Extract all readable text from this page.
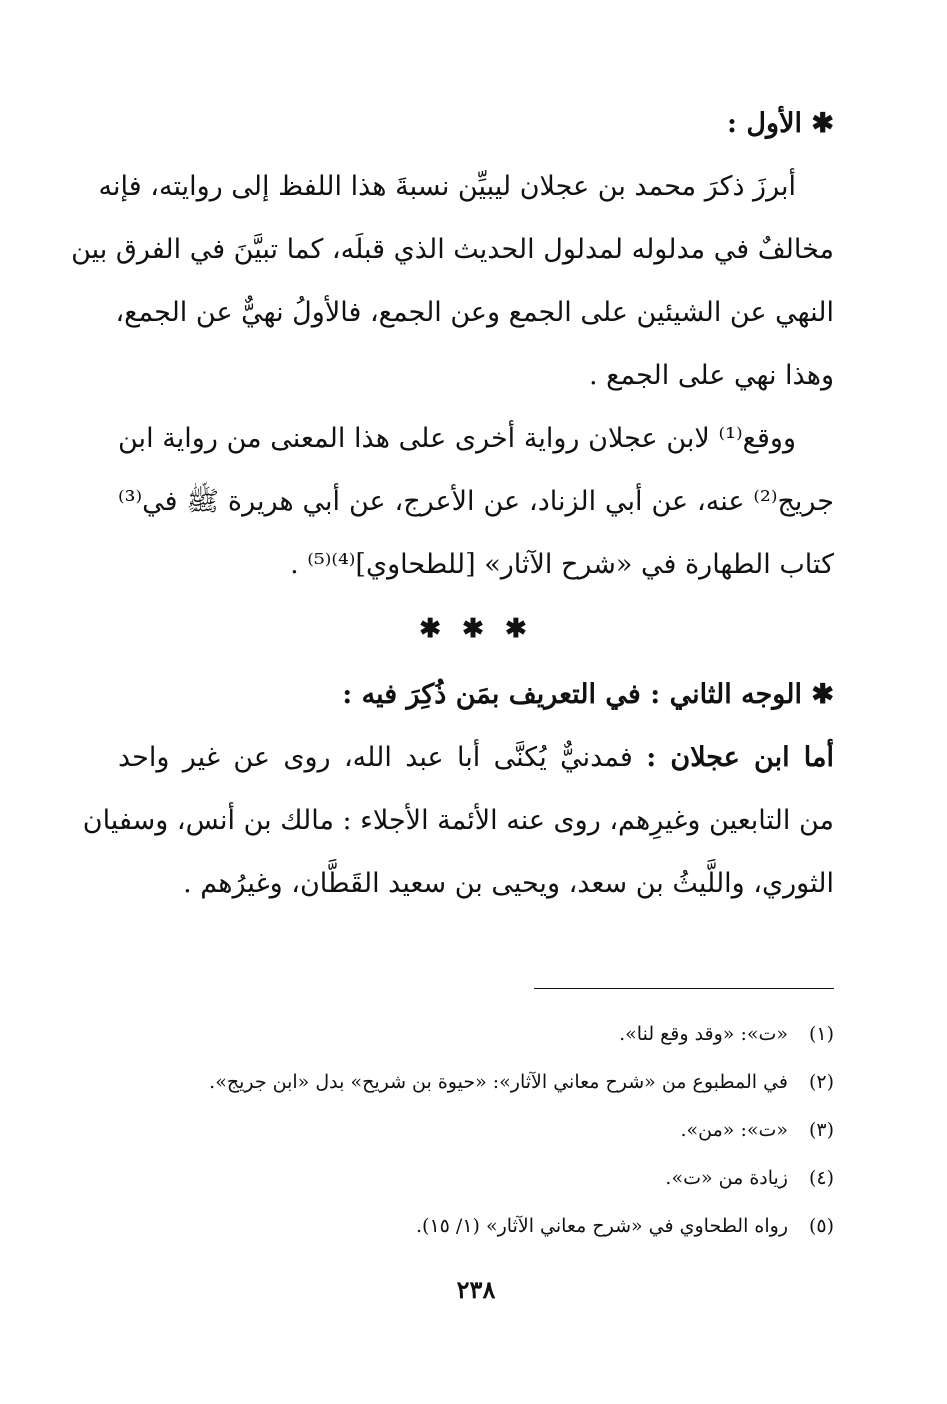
✱ الأول :
أبرزَ ذكرَ محمد بن عجلان ليبيِّن نسبةَ هذا اللفظ إلى روايته، فإنه
مخالفٌ في مدلوله لمدلول الحديث الذي قبلَه، كما تبيَّنَ في الفرق بين
النهي عن الشيئين على الجمع وعن الجمع، فالأولُ نهيٌّ عن الجمع،
وهذا نهي على الجمع .
ووقع⁽¹⁾ لابن عجلان رواية أخرى على هذا المعنى من رواية ابن
جريج⁽²⁾ عنه، عن أبي الزناد، عن الأعرج، عن أبي هريرة ﷺ في⁽³⁾
كتاب الطهارة في «شرح الآثار» [للطحاوي]⁽⁴⁾⁽⁵⁾ .
✱ ✱ ✱
✱ الوجه الثاني : في التعريف بمَن ذُكِرَ فيه :
أما ابن عجلان : فمدنيٌّ يُكنَّى أبا عبد الله، روى عن غير واحد
من التابعين وغيرِهم، روى عنه الأئمة الأجلاء : مالك بن أنس، وسفيان
الثوري، واللَّيثُ بن سعد، ويحيى بن سعيد القَطَّان، وغيرُهم .
(١)«ت»: «وقد وقع لنا».
(٢)في المطبوع من «شرح معاني الآثار»: «حيوة بن شريح» بدل «ابن جريج».
(٣)«ت»: «من».
(٤)زيادة من «ت».
(٥)رواه الطحاوي في «شرح معاني الآثار» (١/ ١٥).
٢٣٨
